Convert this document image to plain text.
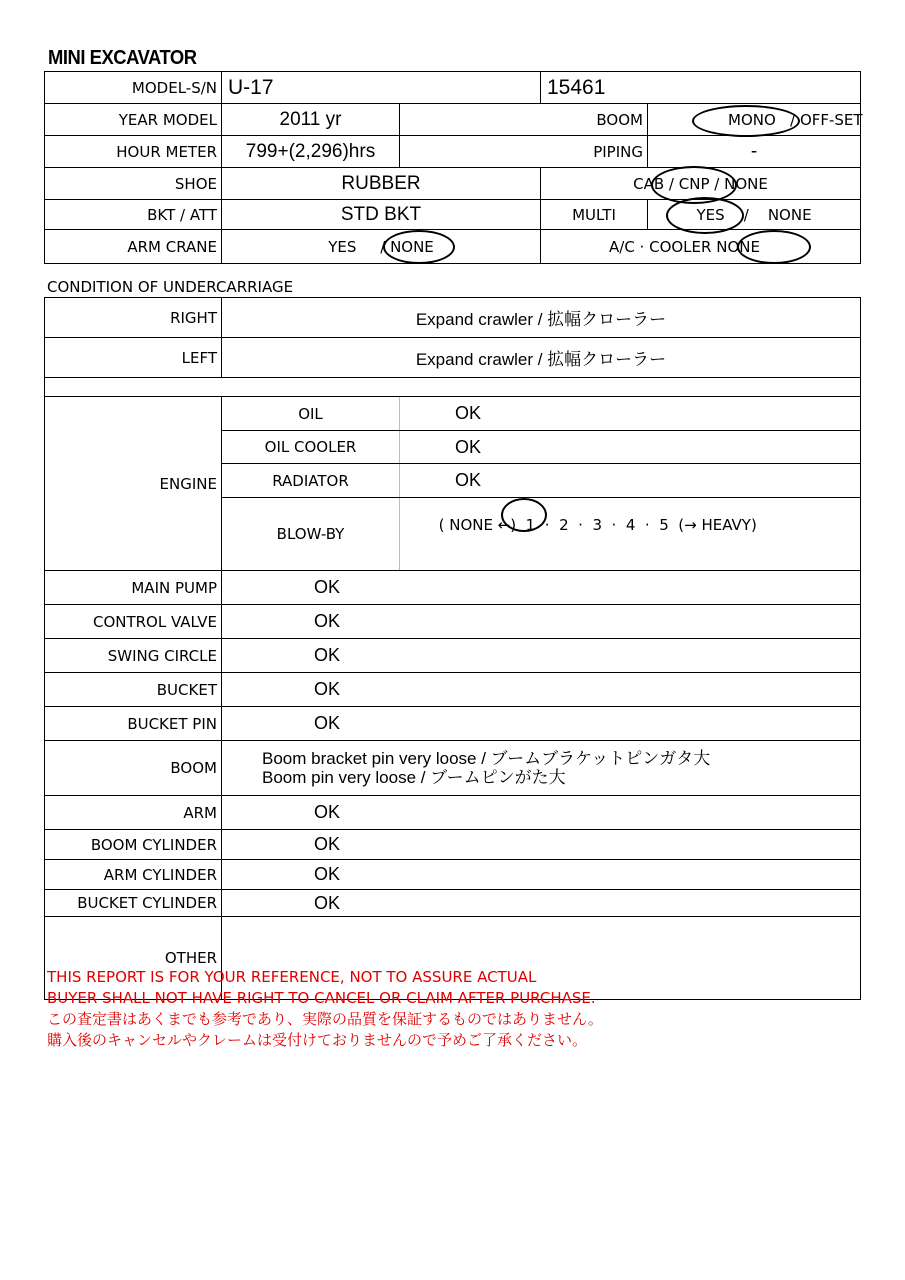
MINI EXCAVATOR
MODEL-S/N	U-17		15461	
YEAR MODEL	2011 yr	BOOM		MONO / OFF-SET

HOUR METER	799+(2,296)hrs	PIPING		-
SHOE	RUBBER		CAB / CNP / NONE	

BKT / ATT	STD BKT		MULTI	YES / NONE

ARM CRANE	YES / NONE		A/C · COOLER NONE	
CONDITION OF UNDERCARRIAGE
RIGHT	Expand crawler / 拡幅クローラー	
LEFT	Expand crawler / 拡幅クローラー	

ENGINE	OIL	OK
	OIL COOLER	OK
	RADIATOR	OK
	BLOW-BY	( NONE ←)  1  ·  2  ·  3  ·  4  ·  5  (→ HEAVY)

MAIN PUMP	OK	
CONTROL VALVE	OK	
SWING CIRCLE	OK	
BUCKET	OK	
BUCKET PIN	OK	
BOOM	Boom bracket pin very loose / ブームブラケットピンガタ大
Boom pin very loose / ブームピンがた大	

ARM	OK	
BOOM CYLINDER	OK	
ARM CYLINDER	OK	
BUCKET CYLINDER	OK	
OTHER		
THIS REPORT IS FOR YOUR REFERENCE, NOT TO ASSURE ACTUAL
BUYER SHALL NOT HAVE RIGHT TO CANCEL OR CLAIM AFTER PURCHASE.
この査定書はあくまでも参考であり、実際の品質を保証するものではありません。
購入後のキャンセルやクレームは受付けておりませんので予めご了承ください。
